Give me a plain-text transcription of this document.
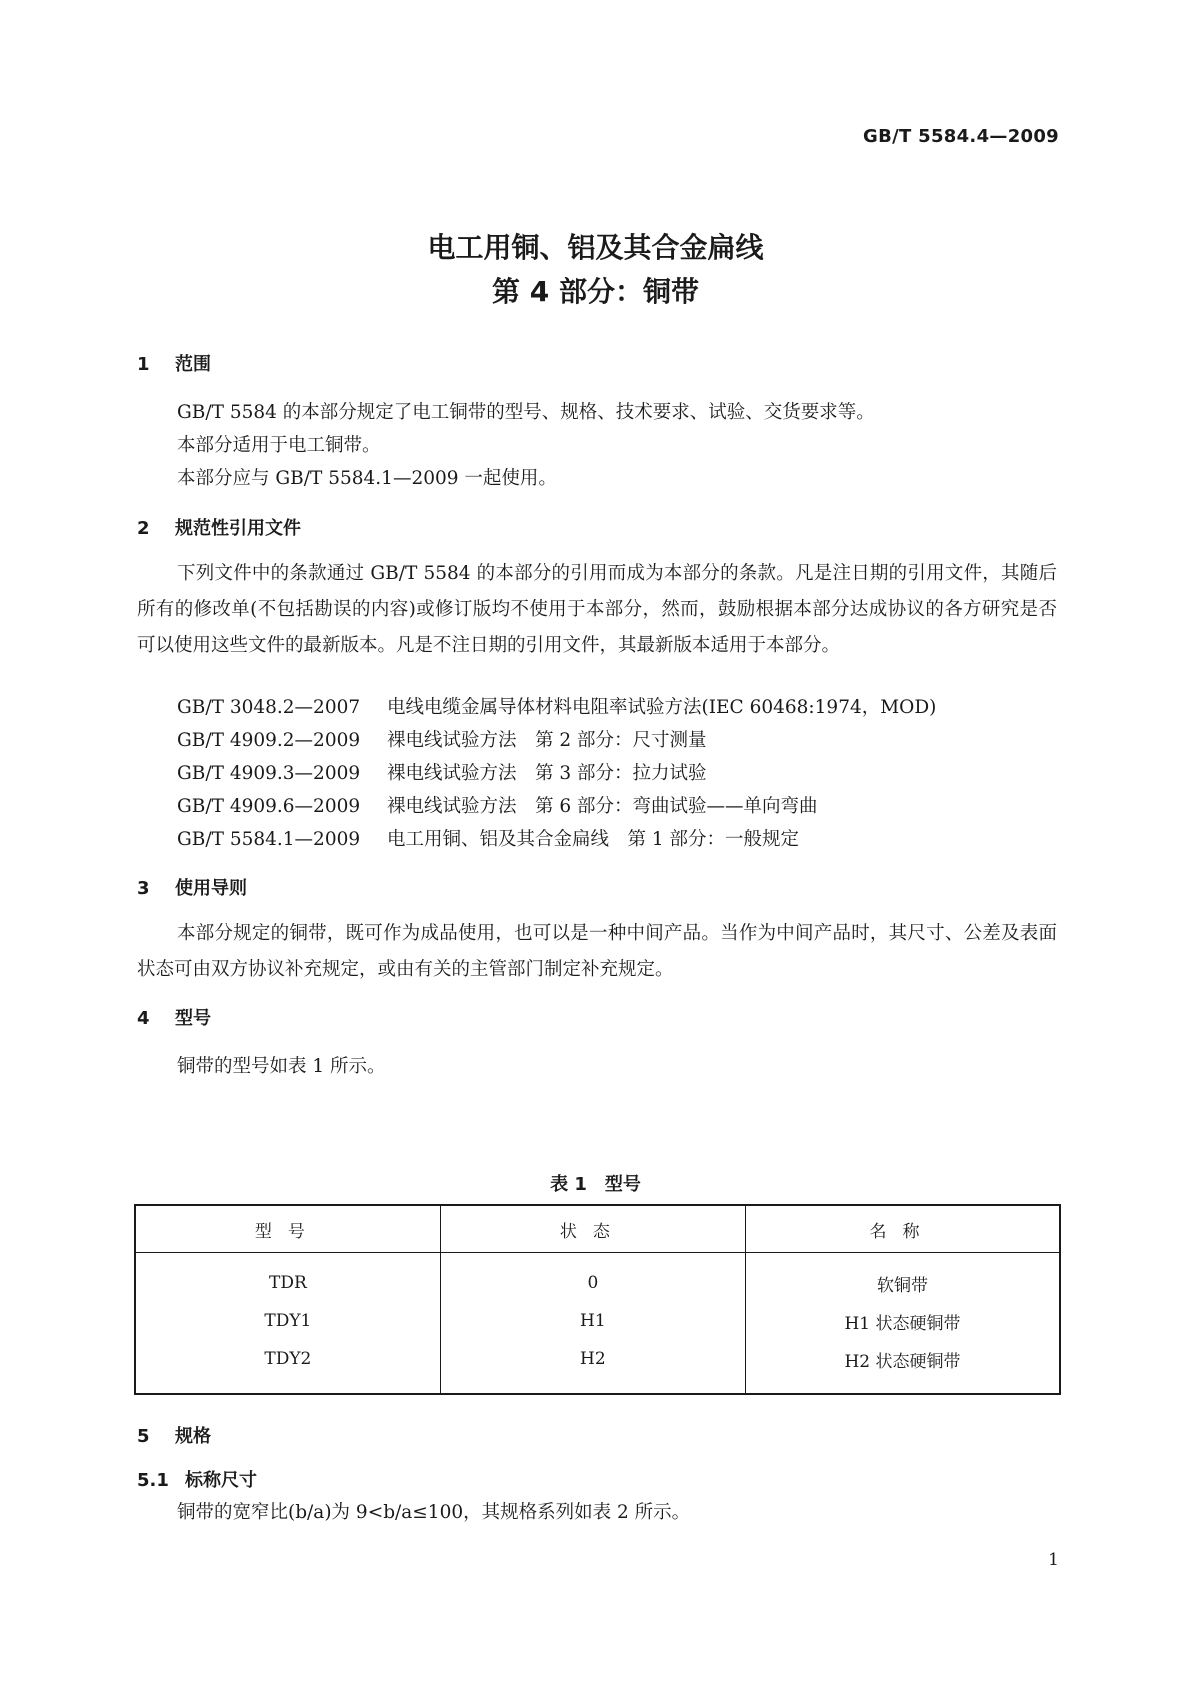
GB/T 5584.4—2009
电工用铜、铝及其合金扁线
第 4 部分：铜带
1 范围
GB/T 5584 的本部分规定了电工铜带的型号、规格、技术要求、试验、交货要求等。
本部分适用于电工铜带。
本部分应与 GB/T 5584.1—2009 一起使用。
2 规范性引用文件
下列文件中的条款通过 GB/T 5584 的本部分的引用而成为本部分的条款。凡是注日期的引用文件，其随后所有的修改单(不包括勘误的内容)或修订版均不使用于本部分，然而，鼓励根据本部分达成协议的各方研究是否可以使用这些文件的最新版本。凡是不注日期的引用文件，其最新版本适用于本部分。
GB/T 3048.2—2007 电线电缆金属导体材料电阻率试验方法(IEC 60468:1974，MOD)
GB/T 4909.2—2009 裸电线试验方法　第 2 部分：尺寸测量
GB/T 4909.3—2009 裸电线试验方法　第 3 部分：拉力试验
GB/T 4909.6—2009 裸电线试验方法　第 6 部分：弯曲试验——单向弯曲
GB/T 5584.1—2009 电工用铜、铝及其合金扁线　第 1 部分：一般规定
3 使用导则
本部分规定的铜带，既可作为成品使用，也可以是一种中间产品。当作为中间产品时，其尺寸、公差及表面状态可由双方协议补充规定，或由有关的主管部门制定补充规定。
4 型号
铜带的型号如表 1 所示。
表 1　型号
型号	状态	名称
TDR	0	软铜带
TDY1	H1	H1 状态硬铜带
TDY2	H2	H2 状态硬铜带
5 规格
5.1 标称尺寸
铜带的宽窄比(b/a)为 9<b/a≤100，其规格系列如表 2 所示。
1
